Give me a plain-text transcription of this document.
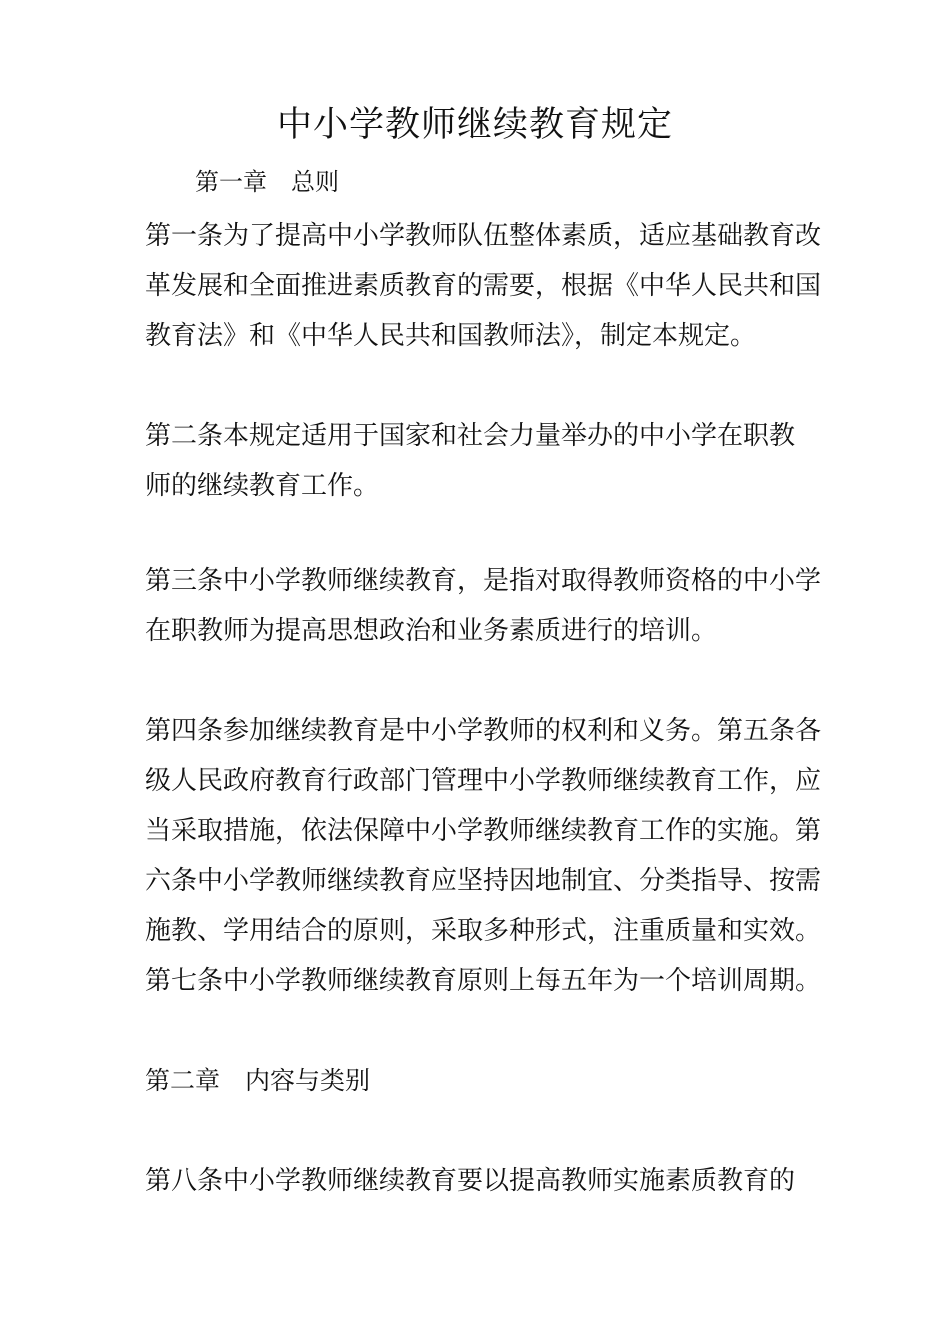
中小学教师继续教育规定
第一章　总则
第一条为了提高中小学教师队伍整体素质，适应基础教育改
革发展和全面推进素质教育的需要，根据《中华人民共和国
教育法》和《中华人民共和国教师法》，制定本规定。
第二条本规定适用于国家和社会力量举办的中小学在职教
师的继续教育工作。
第三条中小学教师继续教育，是指对取得教师资格的中小学
在职教师为提高思想政治和业务素质进行的培训。
第四条参加继续教育是中小学教师的权利和义务。第五条各
级人民政府教育行政部门管理中小学教师继续教育工作，应
当采取措施，依法保障中小学教师继续教育工作的实施。第
六条中小学教师继续教育应坚持因地制宜、分类指导、按需
施教、学用结合的原则，采取多种形式，注重质量和实效。
第七条中小学教师继续教育原则上每五年为一个培训周期。
第二章　内容与类别
第八条中小学教师继续教育要以提高教师实施素质教育的
